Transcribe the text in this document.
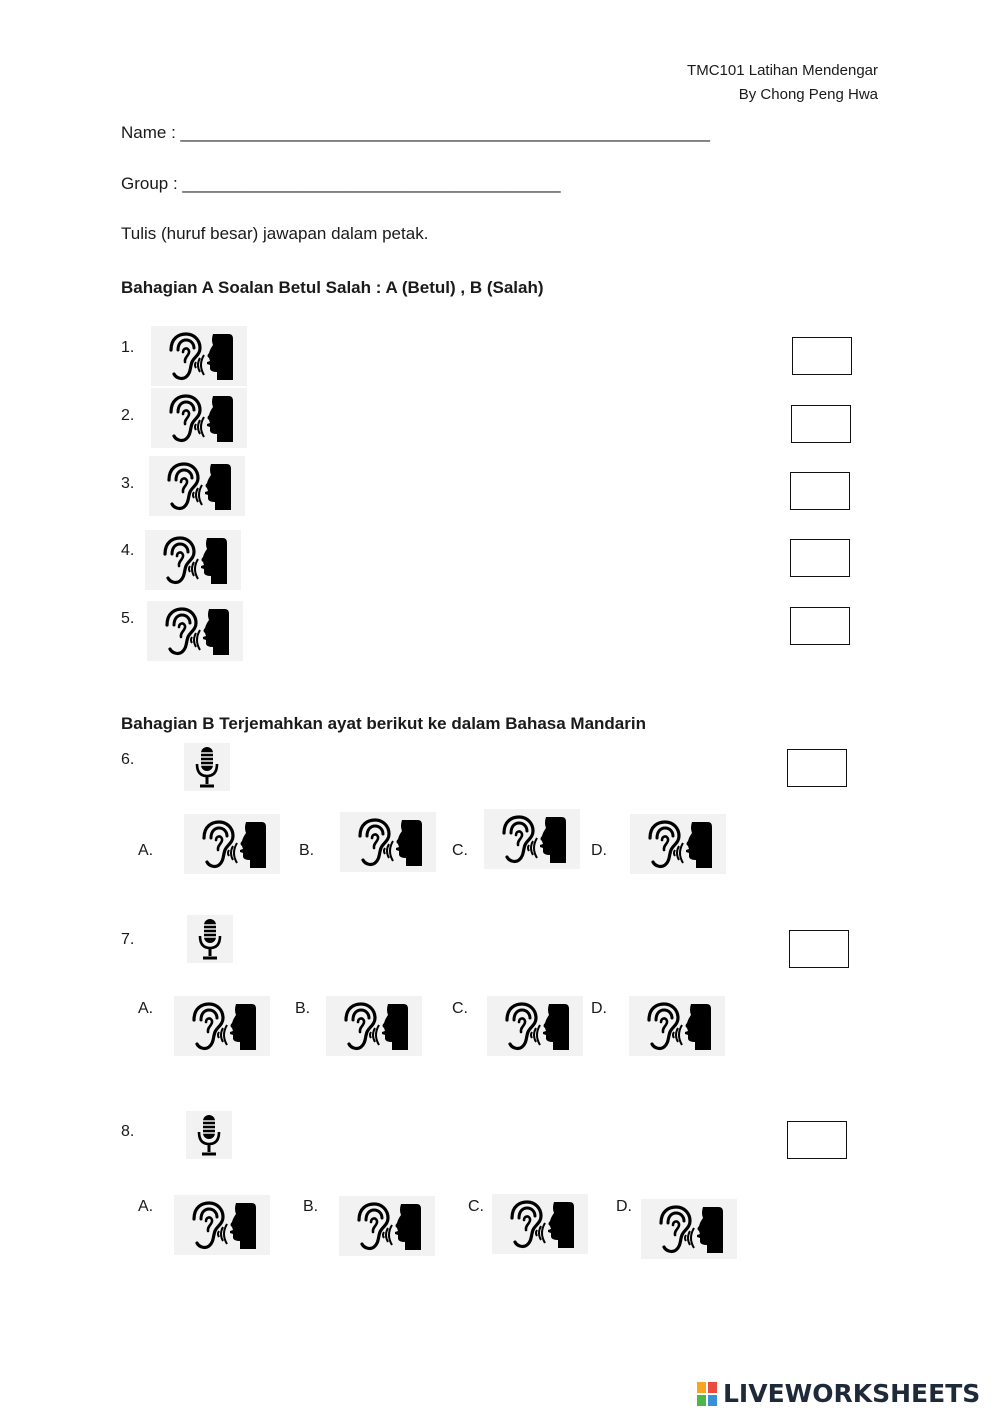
TMC101 Latihan Mendengar
By Chong Peng Hwa
Name : ________________________________________________________
Group : ________________________________________
Tulis (huruf besar) jawapan dalam petak.
Bahagian A Soalan Betul Salah : A (Betul) , B (Salah)
1.
2.
3.
4.
5.
Bahagian B Terjemahkan ayat berikut ke dalam Bahasa Mandarin
6.
A.	B.	C.	D.
7.
A.	B.	C.	D.
8.
A.	B.	C.	D.
LIVEWORKSHEETS
